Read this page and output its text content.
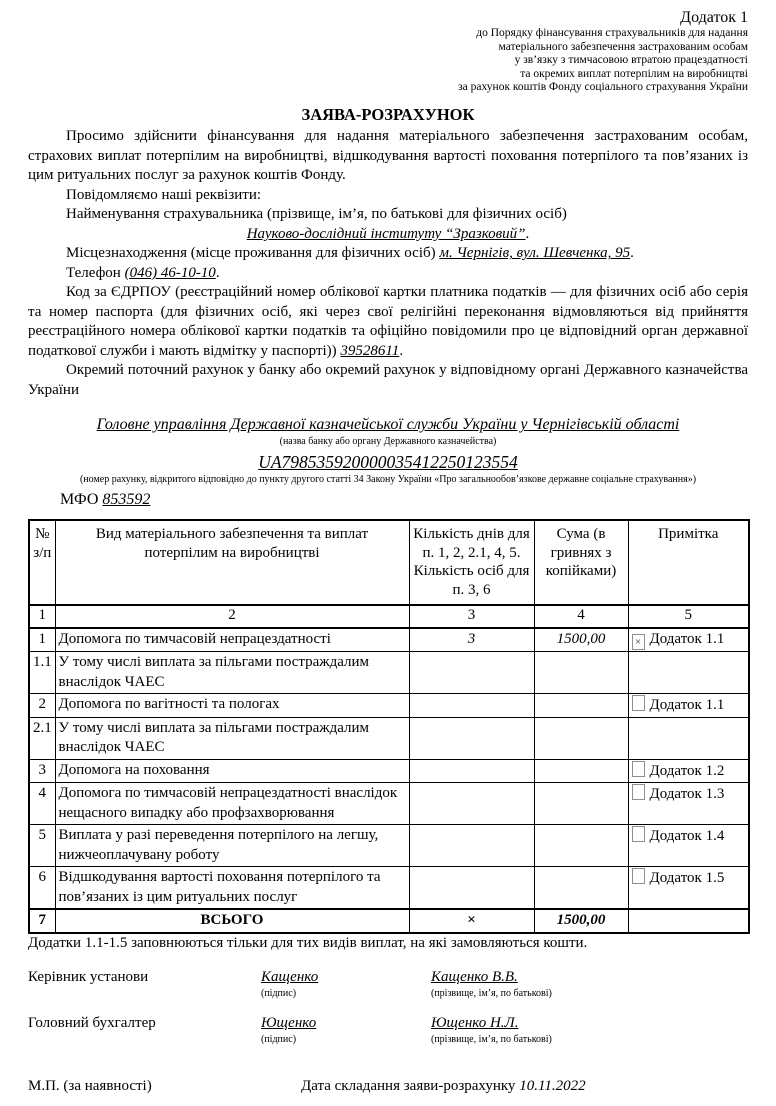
Додаток 1
до Порядку фінансування страхувальників для надання
матеріального забезпечення застрахованим особам
у зв’язку з тимчасовою втратою працездатності
та окремих виплат потерпілим на виробництві
за рахунок коштів Фонду соціального страхування України
ЗАЯВА-РОЗРАХУНОК

Просимо здійснити фінансування для надання матеріального забезпечення застрахованим особам, страхових виплат потерпілим на виробництві, відшкодування вартості поховання потерпілого та пов’язаних із цим ритуальних послуг за рахунок коштів Фонду.

Повідомляємо наші реквізити:

Найменування страхувальника (прізвище, ім’я, по батькові для фізичних осіб)

Науково-дослідний інституту “Зразковий”.

Місцезнаходження (місце проживання для фізичних осіб) м. Чернігів, вул. Шевченка, 95.

Телефон (046) 46-10-10.

Код за ЄДРПОУ (реєстраційний номер облікової картки платника податків — для фізичних осіб або серія та номер паспорта (для фізичних осіб, які через свої релігійні переконання відмовляються від прийняття реєстраційного номера облікової картки податків та офіційно повідомили про це відповідний орган державної податкової служби і мають відмітку у паспорті)) 39528611.

Окремий поточний рахунок у банку або окремий рахунок у відповідному органі Державного казначейства України

Головне управління Державної казначейської служби України у Чернігівській області
(назва банку або органу Державного казначейства)
UA798535920000035412250123554
(номер рахунку, відкритого відповідно до пункту другого статті 34 Закону України «Про загальнообов’язкове державне соціальне страхування»)
МФО 853592
№ з/п	Вид матеріального забезпечення та виплат потерпілим на виробництві	Кількість днів для п. 1, 2, 2.1, 4, 5. Кількість осіб для п. 3, 6	Сума (в гривнях з копійками)	Примітка
1	2	3	4	5
1	Допомога по тимчасовій непрацездатності	3	1500,00	× Додаток 1.1
1.1	У тому числі виплата за пільгами постраждалим внаслідок ЧАЕС			
2	Допомога по вагітності та пологах			Додаток 1.1
2.1	У тому числі виплата за пільгами постраждалим внаслідок ЧАЕС			
3	Допомога на поховання			Додаток 1.2
4	Допомога по тимчасовій непрацездатності внаслідок нещасного випадку або профзахворювання			Додаток 1.3
5	Виплата у разі переведення потерпілого на легшу, нижчеоплачувану роботу			Додаток 1.4
6	Відшкодування вартості поховання потерпілого та пов’язаних із цим ритуальних послуг			Додаток 1.5
7	ВСЬОГО	×	1500,00	

Додатки 1.1-1.5 заповнюються тільки для тих видів виплат, на які замовляються кошти.

Керівник установи	Кащенко
(підпис)
Кащенко В.В.
(прізвище, ім’я, по батькові)
Головний бухгалтер	Ющенко
(підпис)
Ющенко Н.Л.
(прізвище, ім’я, по батькові)
М.П. (за наявності)	Дата складання заяви-розрахунку 10.11.2022
